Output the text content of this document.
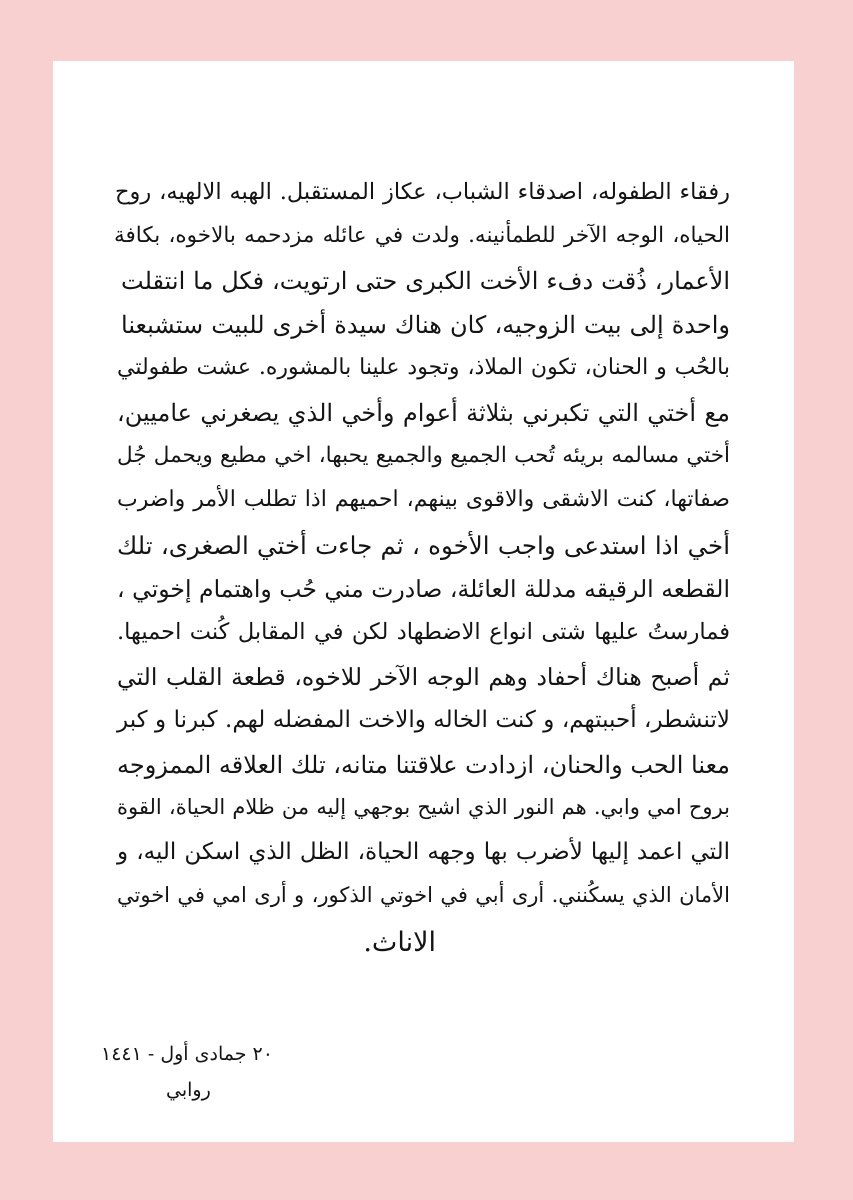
رفقاء الطفوله، اصدقاء الشباب، عكاز المستقبل. الهبه الالهيه، روح
الحياه، الوجه الآخر للطمأنينه. ولدت في عائله مزدحمه بالاخوه، بكافة
الأعمار، ذُقت دفء الأخت الكبرى حتى ارتويت، فكل ما انتقلت
واحدة إلى بيت الزوجيه، كان هناك سيدة أخرى للبيت ستشبعنا
بالحُب و الحنان، تكون الملاذ، وتجود علينا بالمشوره. عشت طفولتي
مع أختي التي تكبرني بثلاثة أعوام وأخي الذي يصغرني عاميين،
أختي مسالمه بريئه تُحب الجميع والجميع يحبها، اخي مطيع ويحمل جُل
صفاتها، كنت الاشقى والاقوى بينهم، احميهم اذا تطلب الأمر واضرب
أخي اذا استدعى واجب الأخوه ، ثم جاءت أختي الصغرى، تلك
القطعه الرقيقه مدللة العائلة، صادرت مني حُب واهتمام إخوتي ،
فمارستُ عليها شتى انواع الاضطهاد لكن في المقابل كُنت احميها.
ثم أصبح هناك أحفاد وهم الوجه الآخر للاخوه، قطعة القلب التي
لاتنشطر، أحببتهم، و كنت الخاله والاخت المفضله لهم. كبرنا و كبر
معنا الحب والحنان، ازدادت علاقتنا متانه، تلك العلاقه الممزوجه
بروح امي وابي. هم النور الذي اشيح بوجهي إليه من ظلام الحياة، القوة
التي اعمد إليها لأضرب بها وجهه الحياة، الظل الذي اسكن اليه، و
الأمان الذي يسكُنني. أرى أبي في اخوتي الذكور، و أرى امي في اخوتي
الاناث.
٢٠ جمادى أول - ١٤٤١
روابي
